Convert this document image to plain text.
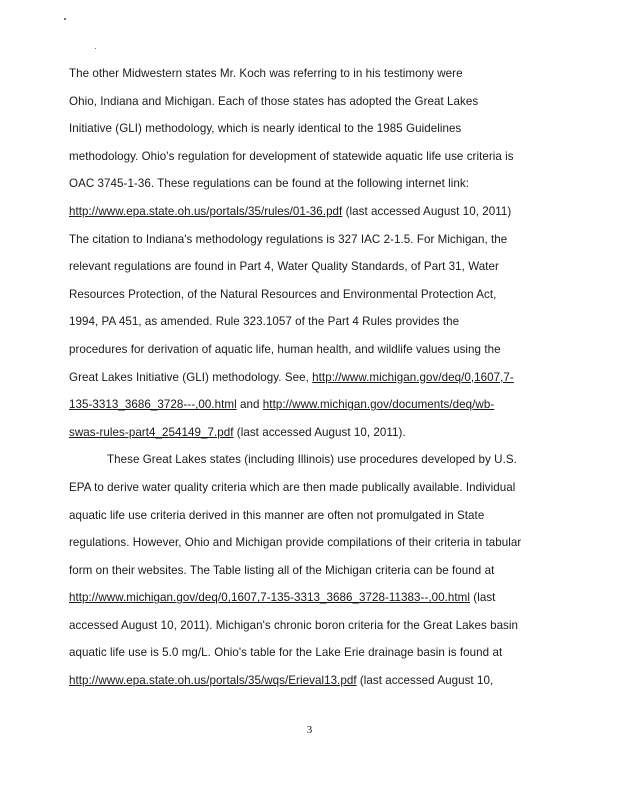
The other Midwestern states Mr. Koch was referring to in his testimony were
Ohio, Indiana and Michigan. Each of those states has adopted the Great Lakes
Initiative (GLI) methodology, which is nearly identical to the 1985 Guidelines
methodology. Ohio's regulation for development of statewide aquatic life use criteria is
OAC 3745-1-36. These regulations can be found at the following internet link:
http://www.epa.state.oh.us/portals/35/rules/01-36.pdf (last accessed August 10, 2011)
The citation to Indiana's methodology regulations is 327 IAC 2-1.5. For Michigan, the
relevant regulations are found in Part 4, Water Quality Standards, of Part 31, Water
Resources Protection, of the Natural Resources and Environmental Protection Act,
1994, PA 451, as amended. Rule 323.1057 of the Part 4 Rules provides the
procedures for derivation of aquatic life, human health, and wildlife values using the
Great Lakes Initiative (GLI) methodology. See, http://www.michigan.gov/deq/0,1607,7-
135-3313_3686_3728---,00.html and http://www.michigan.gov/documents/deq/wb-
swas-rules-part4_254149_7.pdf (last accessed August 10, 2011).
These Great Lakes states (including Illinois) use procedures developed by U.S.
EPA to derive water quality criteria which are then made publically available. Individual
aquatic life use criteria derived in this manner are often not promulgated in State
regulations. However, Ohio and Michigan provide compilations of their criteria in tabular
form on their websites. The Table listing all of the Michigan criteria can be found at
http://www.michigan.gov/deq/0,1607,7-135-3313_3686_3728-11383--,00.html (last
accessed August 10, 2011). Michigan's chronic boron criteria for the Great Lakes basin
aquatic life use is 5.0 mg/L. Ohio's table for the Lake Erie drainage basin is found at
http://www.epa.state.oh.us/portals/35/wqs/Erieval13.pdf (last accessed August 10,
3
